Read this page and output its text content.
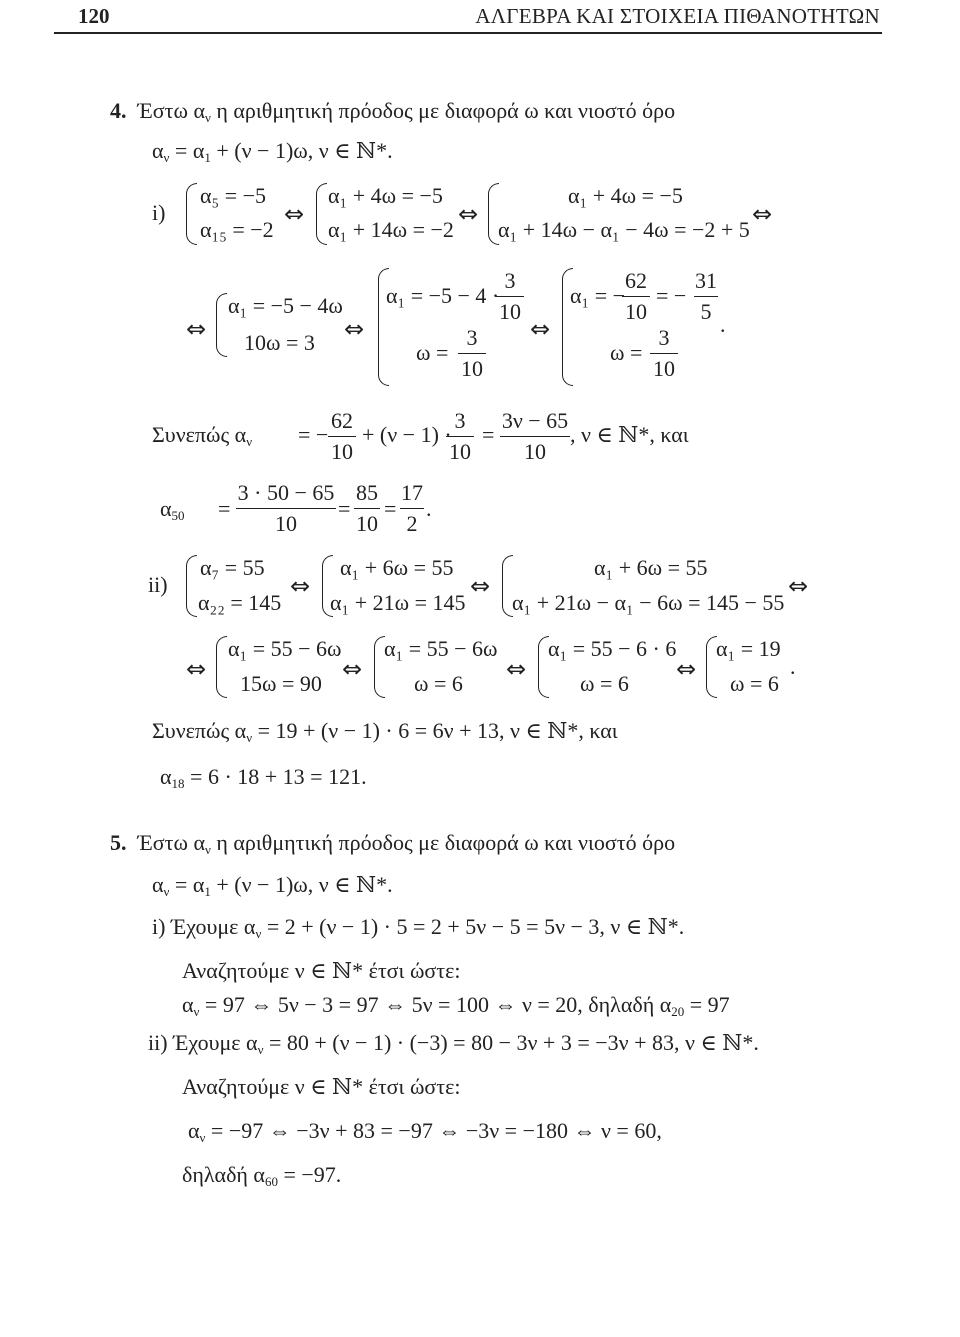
120	ΑΛΓΕΒΡΑ ΚΑΙ ΣΤΟΙΧΕΙΑ ΠΙΘΑΝΟΤΗΤΩΝ
4. Έστω $\alpha_\nu$ η αριθμητική πρόοδος με διαφορά ω και νιοστό όρο
$\alpha_\nu = \alpha_1 + (\nu - 1)\omega$, ν ∈ ℕ*.
i)
α₅ = −5
α₁₅ = −2
⇔
α₁ + 4ω = −5
α₁ + 14ω = −2
⇔
α₁ + 4ω = −5
α₁ + 14ω − α₁ − 4ω = −2 + 5
⇔
⇔
α₁ = −5 − 4ω
10ω = 3 ⇔
α₁ = −5 − 4 ·
3
10
ω =
3
10
⇔
α₁ = −
62
10
= −
31
5
ω =
3
10
.
Συνεπώς $\alpha_\nu$ = −
62
10
+ (ν − 1) ·
3
10
=
3ν − 65
10
, ν ∈ ℕ*, και
$\alpha_{50}$ =
3 · 50 − 65
10
=
85
10
=
17
2
.
ii)
α₇ = 55
α₂₂ = 145
⇔
α₁ + 6ω = 55
α₁ + 21ω = 145
⇔
α₁ + 6ω = 55
α₁ + 21ω − α₁ − 6ω = 145 − 55
⇔
⇔
α₁ = 55 − 6ω
15ω = 90
⇔
α₁ = 55 − 6ω
ω = 6
⇔
α₁ = 55 − 6 · 6
ω = 6
⇔
α₁ = 19
ω = 6
.
Συνεπώς $\alpha_\nu = 19 + (\nu - 1) \cdot 6 = 6\nu + 13$, ν ∈ ℕ*, και
$\alpha_{18} = 6 \cdot 18 + 13 = 121$.
5. Έστω $\alpha_\nu$ η αριθμητική πρόοδος με διαφορά ω και νιοστό όρο
$\alpha_\nu = \alpha_1 + (\nu - 1)\omega$, ν ∈ ℕ*.
i) Έχουμε $\alpha_\nu = 2 + (\nu - 1) \cdot 5 = 2 + 5\nu - 5 = 5\nu - 3$, ν ∈ ℕ*.
Αναζητούμε ν ∈ ℕ* έτσι ώστε:
$\alpha_\nu = 97$ ⇔ 5ν − 3 = 97 ⇔ 5ν = 100 ⇔ ν = 20, δηλαδή $\alpha_{20} = 97$
ii) Έχουμε $\alpha_\nu = 80 + (\nu - 1) \cdot (-3) = 80 - 3\nu + 3 = -3\nu + 83$, ν ∈ ℕ*.
Αναζητούμε ν ∈ ℕ* έτσι ώστε:
$\alpha_\nu = -97$ ⇔ −3ν + 83 = −97 ⇔ −3ν = −180 ⇔ ν = 60,
δηλαδή $\alpha_{60} = -97$.
